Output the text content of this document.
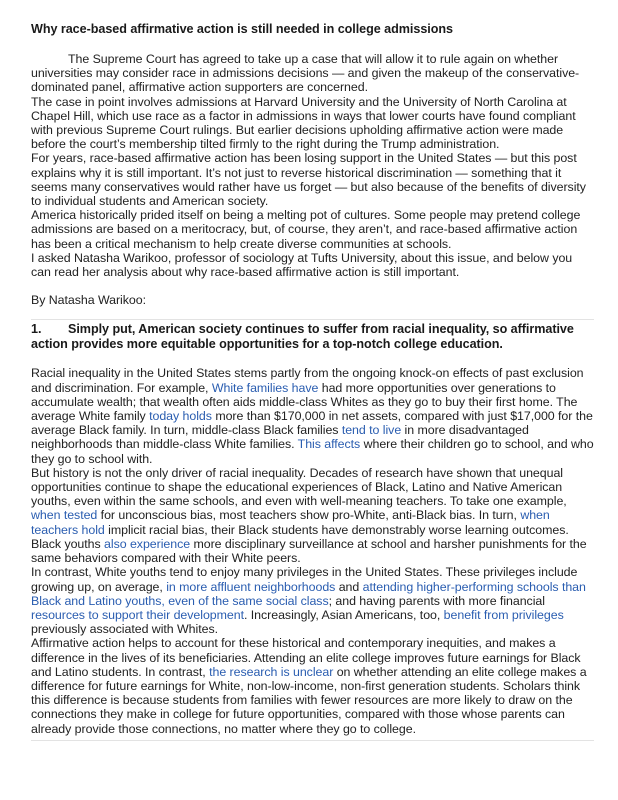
Why race-based affirmative action is still needed in college admissions

The Supreme Court has agreed to take up a case that will allow it to rule again on whether universities may consider race in admissions decisions — and given the makeup of the conservative-dominated panel, affirmative action supporters are concerned.

The case in point involves admissions at Harvard University and the University of North Carolina at Chapel Hill, which use race as a factor in admissions in ways that lower courts have found compliant with previous Supreme Court rulings. But earlier decisions upholding affirmative action were made before the court’s membership tilted firmly to the right during the Trump administration.

For years, race-based affirmative action has been losing support in the United States — but this post explains why it is still important. It’s not just to reverse historical discrimination — something that it seems many conservatives would rather have us forget — but also because of the benefits of diversity to individual students and American society.

America historically prided itself on being a melting pot of cultures. Some people may pretend college admissions are based on a meritocracy, but, of course, they aren’t, and race-based affirmative action has been a critical mechanism to help create diverse communities at schools.

I asked Natasha Warikoo, professor of sociology at Tufts University, about this issue, and below you can read her analysis about why race-based affirmative action is still important.

By Natasha Warikoo:

1. Simply put, American society continues to suffer from racial inequality, so affirmative action provides more equitable opportunities for a top-notch college education.

Racial inequality in the United States stems partly from the ongoing knock-on effects of past exclusion and discrimination. For example, White families have had more opportunities over generations to accumulate wealth; that wealth often aids middle-class Whites as they go to buy their first home. The average White family today holds more than $170,000 in net assets, compared with just $17,000 for the average Black family. In turn, middle-class Black families tend to live in more disadvantaged neighborhoods than middle-class White families. This affects where their children go to school, and who they go to school with.

But history is not the only driver of racial inequality. Decades of research have shown that unequal opportunities continue to shape the educational experiences of Black, Latino and Native American youths, even within the same schools, and even with well-meaning teachers. To take one example, when tested for unconscious bias, most teachers show pro-White, anti-Black bias. In turn, when teachers hold implicit racial bias, their Black students have demonstrably worse learning outcomes. Black youths also experience more disciplinary surveillance at school and harsher punishments for the same behaviors compared with their White peers.

In contrast, White youths tend to enjoy many privileges in the United States. These privileges include growing up, on average, in more affluent neighborhoods and attending higher-performing schools than Black and Latino youths, even of the same social class; and having parents with more financial resources to support their development. Increasingly, Asian Americans, too, benefit from privileges previously associated with Whites.

Affirmative action helps to account for these historical and contemporary inequities, and makes a difference in the lives of its beneficiaries. Attending an elite college improves future earnings for Black and Latino students. In contrast, the research is unclear on whether attending an elite college makes a difference for future earnings for White, non-low-income, non-first generation students. Scholars think this difference is because students from families with fewer resources are more likely to draw on the connections they make in college for future opportunities, compared with those whose parents can already provide those connections, no matter where they go to college.
